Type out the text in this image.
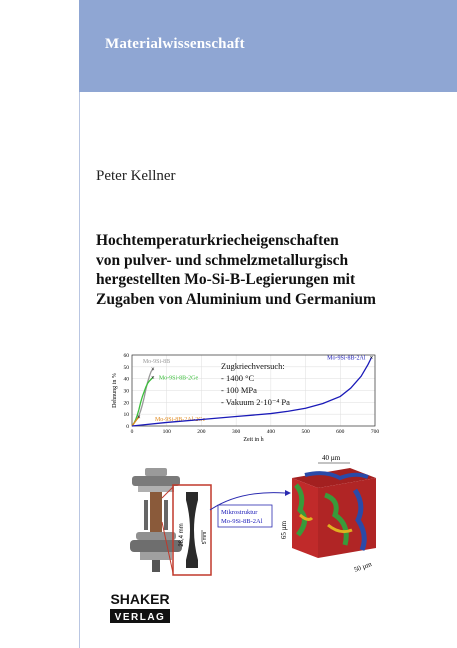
Materialwissenschaft
Peter Kellner
Hochtemperaturkriecheigenschaften
von pulver- und schmelzmetallurgisch
hergestellten Mo-Si-B-Legierungen mit
Zugaben von Aluminium und Germanium
0
10
20
30
40
50
60
0	100	200	300	400	500	600	700
Zeit in h
Dehnung in %
×
Mo-9Si-8B
× Mo-9Si-8B-2Ge
× Mo-9Si-8B-2Al-2Ge
×
Mo-9Si-8B-2Al
Zugkriechversuch:
- 1400 °C
- 100 MPa
- Vakuum 2·10⁻⁴ Pa
28,4 mm	5 mm
Mikrostruktur
Mo-9Si-8B-2Al
40 µm
65 µm
50 µm
SHAKER
VERLAG
